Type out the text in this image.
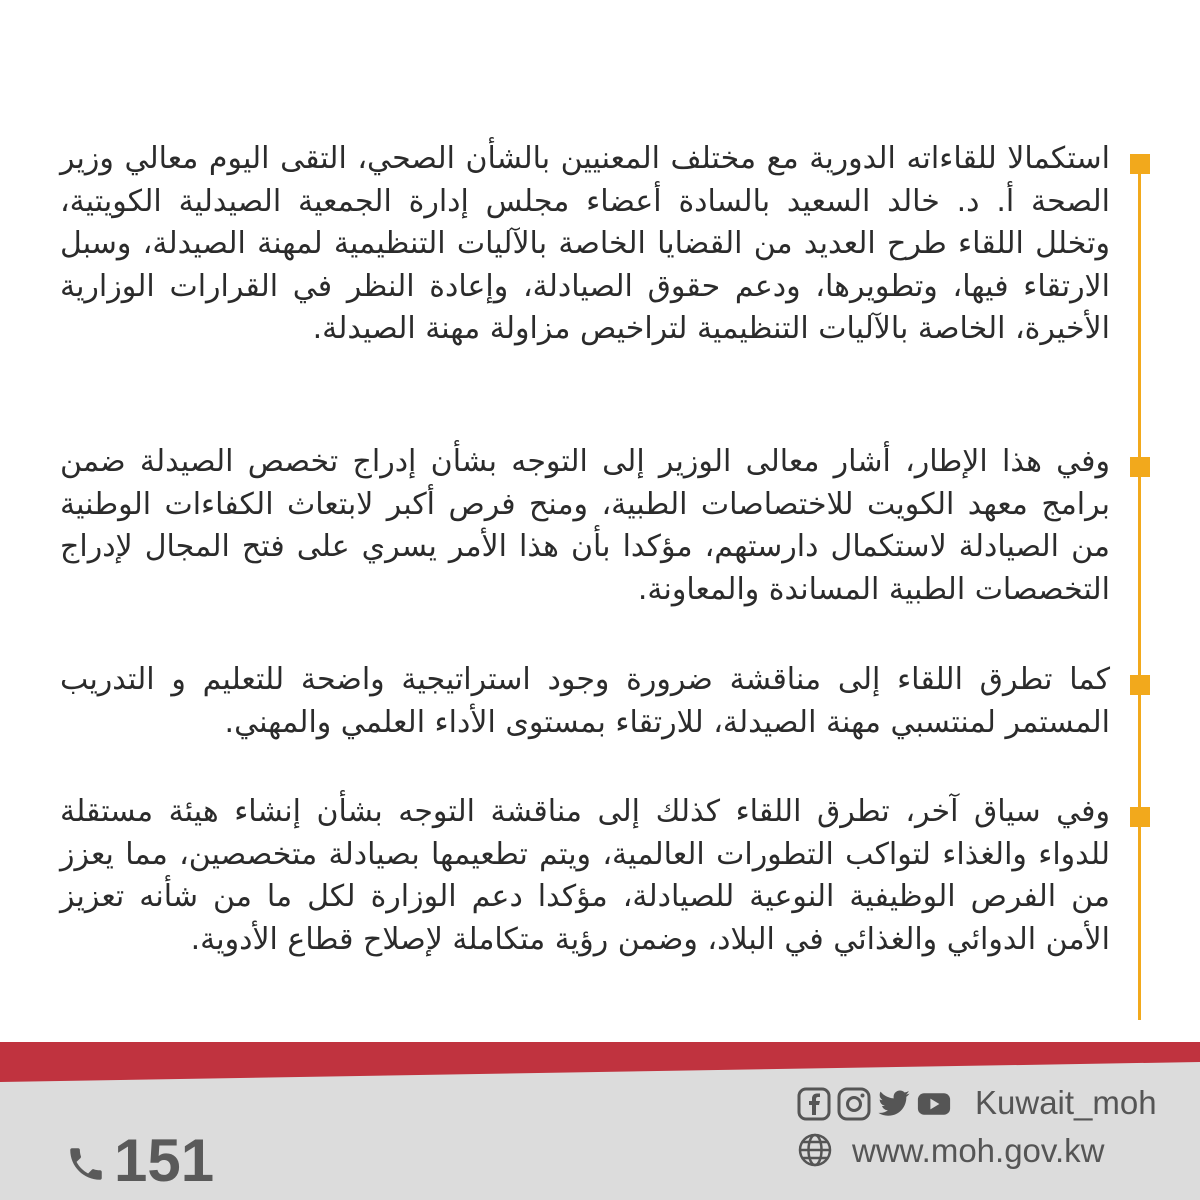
استكمالا للقاءاته الدورية مع مختلف المعنيين بالشأن الصحي، التقى اليوم معالي وزير الصحة أ. د. خالد السعيد بالسادة أعضاء مجلس إدارة الجمعية الصيدلية الكويتية، وتخلل اللقاء طرح العديد من القضايا الخاصة بالآليات التنظيمية لمهنة الصيدلة، وسبل الارتقاء فيها، وتطويرها، ودعم حقوق الصيادلة، وإعادة النظر في القرارات الوزارية الأخيرة، الخاصة بالآليات التنظيمية لتراخيص مزاولة مهنة الصيدلة.

وفي هذا الإطار، أشار معالى الوزير إلى التوجه بشأن إدراج تخصص الصيدلة ضمن برامج معهد الكويت للاختصاصات الطبية، ومنح فرص أكبر لابتعاث الكفاءات الوطنية من الصيادلة لاستكمال دارستهم، مؤكدا بأن هذا الأمر يسري على فتح المجال لإدراج التخصصات الطبية المساندة والمعاونة.

كما تطرق اللقاء إلى مناقشة ضرورة وجود استراتيجية واضحة للتعليم و التدريب المستمر لمنتسبي مهنة الصيدلة، للارتقاء بمستوى الأداء العلمي والمهني.

وفي سياق آخر، تطرق اللقاء كذلك إلى مناقشة التوجه بشأن إنشاء هيئة مستقلة للدواء والغذاء لتواكب التطورات العالمية، ويتم تطعيمها بصيادلة متخصصين، مما يعزز من الفرص الوظيفية النوعية للصيادلة، مؤكدا دعم الوزارة لكل ما من شأنه تعزيز الأمن الدوائي والغذائي في البلاد، وضمن رؤية متكاملة لإصلاح قطاع الأدوية.

Kuwait_moh
www.moh.gov.kw
151
